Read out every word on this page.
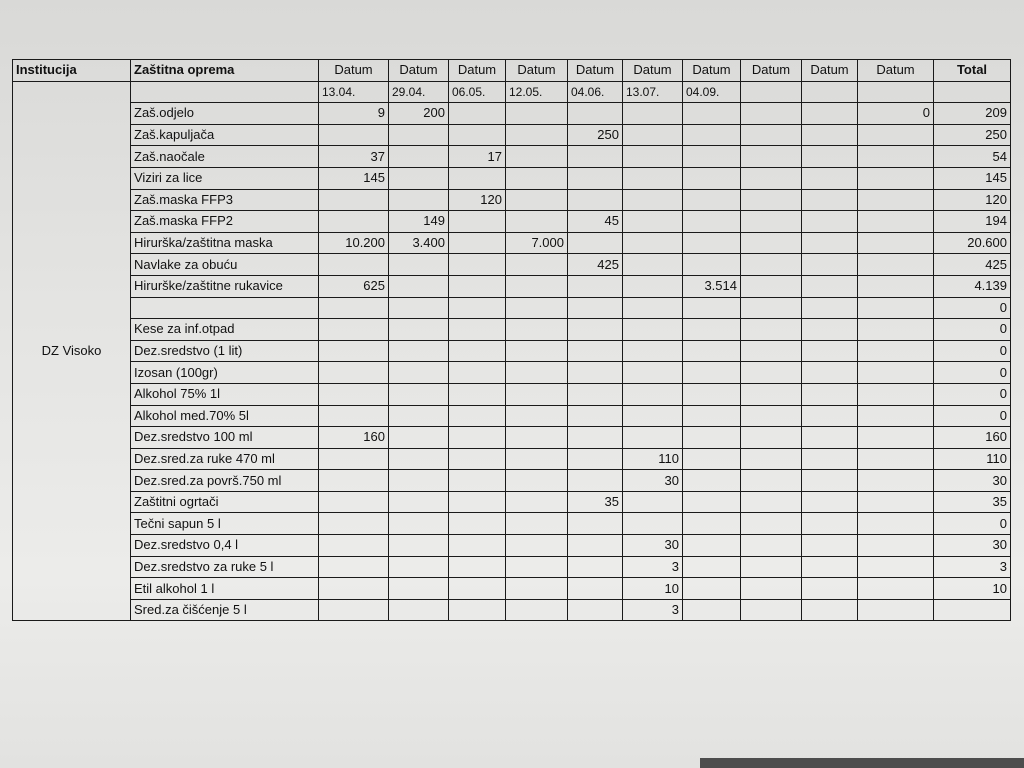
Institucija	Zaštitna oprema	Datum	Datum	Datum	Datum	Datum	Datum	Datum	Datum	Datum	Datum	Total
DZ Visoko		13.04.	29.04.	06.05.	12.05.	04.06.	13.07.	04.09.				
	Zaš.odjelo	9	200								0	209
	Zaš.kapuljača					250						250
	Zaš.naočale	37		17								54
	Viziri za lice	145										145
	Zaš.maska FFP3			120								120
	Zaš.maska FFP2		149			45						194
	Hirurška/zaštitna maska	10.200	3.400		7.000							20.600
	Navlake za obuću					425						425
	Hirurške/zaštitne rukavice	625						3.514				4.139
												0
	Kese za inf.otpad											0
	Dez.sredstvo (1 lit)											0
	Izosan (100gr)											0
	Alkohol 75% 1l											0
	Alkohol med.70% 5l											0
	Dez.sredstvo 100 ml	160										160
	Dez.sred.za ruke 470 ml						110					110
	Dez.sred.za površ.750 ml						30					30
	Zaštitni ogrtači					35						35
	Tečni sapun 5 l											0
	Dez.sredstvo 0,4 l						30					30
	Dez.sredstvo za ruke 5 l						3					3
	Etil alkohol 1 l						10					10
	Sred.za čišćenje 5 l						3					
